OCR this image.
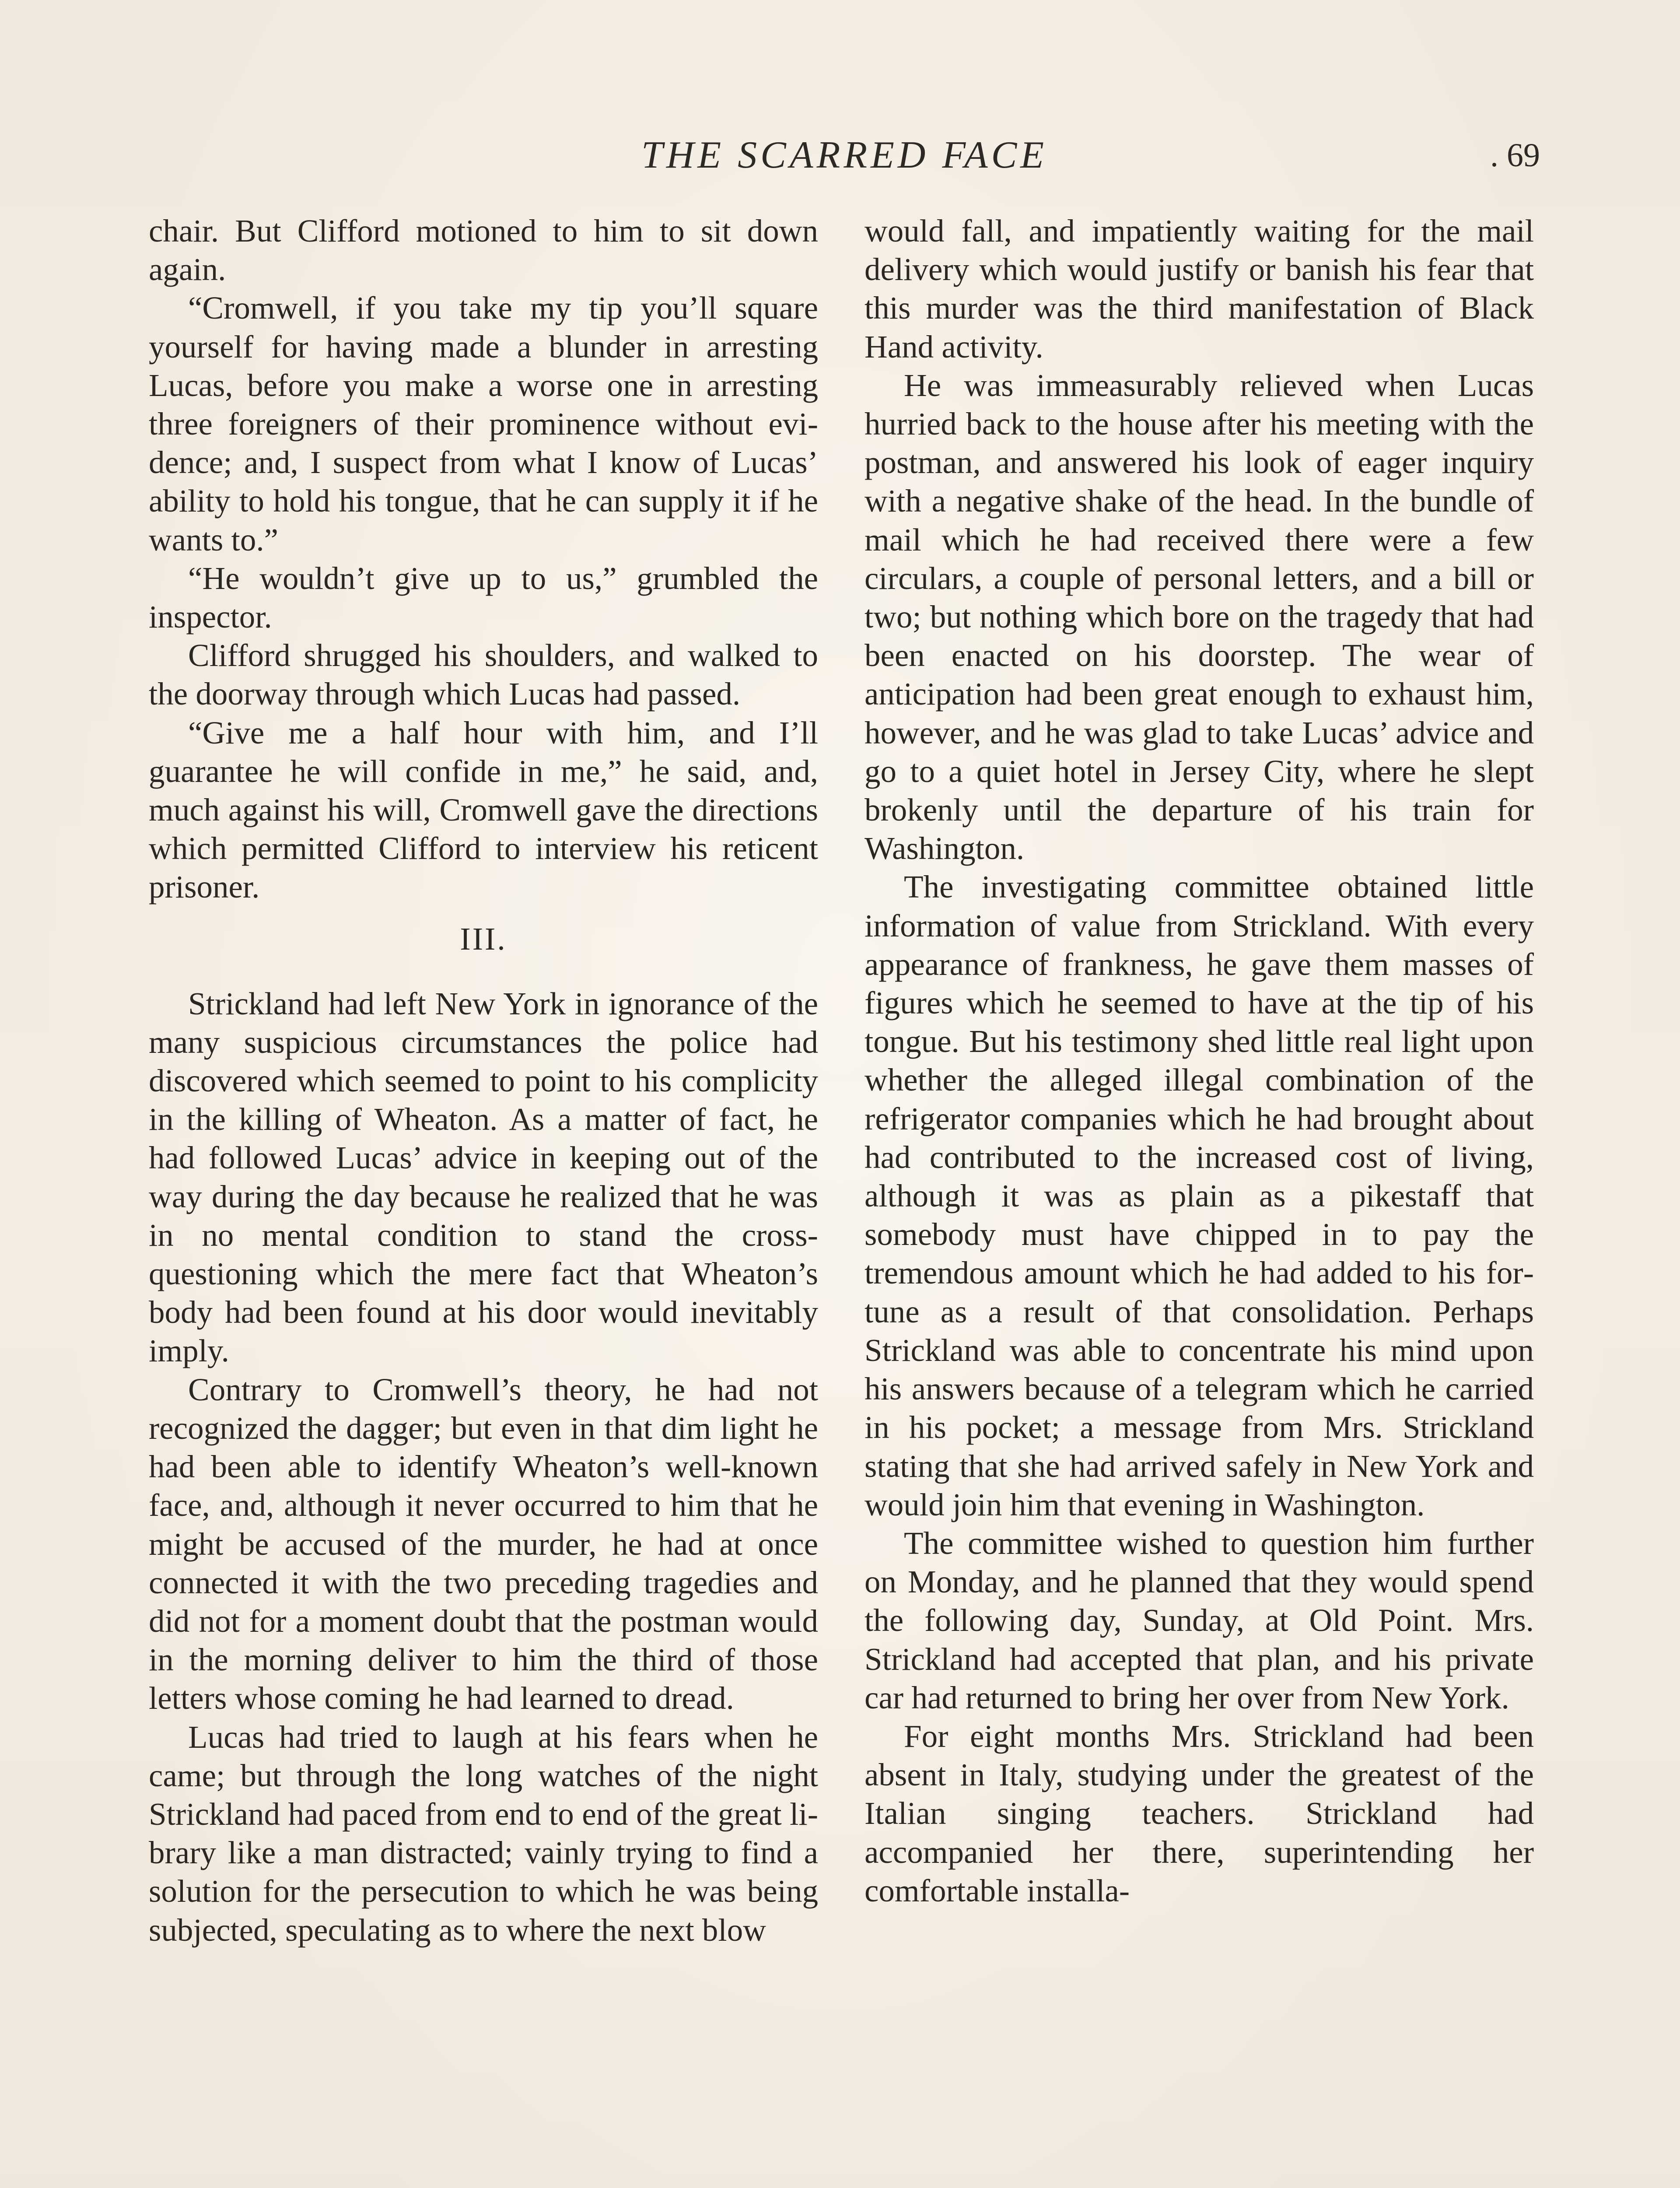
THE SCARRED FACE	. 69

chair. But Clifford motioned to him to sit down again.

“Cromwell, if you take my tip you’ll square yourself for having made a blunder in arresting Lucas, before you make a worse one in arresting three foreigners of their prominence without evidence; and, I suspect from what I know of Lucas’ ability to hold his tongue, that he can supply it if he wants to.”

“He wouldn’t give up to us,” grumbled the inspector.

Clifford shrugged his shoulders, and walked to the doorway through which Lucas had passed.

“Give me a half hour with him, and I’ll guarantee he will confide in me,” he said, and, much against his will, Cromwell gave the directions which permitted Clifford to interview his reticent prisoner.

III.

Strickland had left New York in ignorance of the many suspicious circumstances the police had discovered which seemed to point to his complicity in the killing of Wheaton. As a matter of fact, he had followed Lucas’ advice in keeping out of the way during the day because he realized that he was in no mental condition to stand the cross-questioning which the mere fact that Wheaton’s body had been found at his door would inevitably imply.

Contrary to Cromwell’s theory, he had not recognized the dagger; but even in that dim light he had been able to identify Wheaton’s well-known face, and, although it never occurred to him that he might be accused of the murder, he had at once connected it with the two preceding tragedies and did not for a moment doubt that the postman would in the morning deliver to him the third of those letters whose coming he had learned to dread.

Lucas had tried to laugh at his fears when he came; but through the long watches of the night Strickland had paced from end to end of the great library like a man distracted; vainly trying to find a solution for the persecution to which he was being subjected, speculating as to where the next blow

would fall, and impatiently waiting for the mail delivery which would justify or banish his fear that this murder was the third manifestation of Black Hand activity.

He was immeasurably relieved when Lucas hurried back to the house after his meeting with the postman, and answered his look of eager inquiry with a negative shake of the head. In the bundle of mail which he had received there were a few circulars, a couple of personal letters, and a bill or two; but nothing which bore on the tragedy that had been enacted on his doorstep. The wear of anticipation had been great enough to exhaust him, however, and he was glad to take Lucas’ advice and go to a quiet hotel in Jersey City, where he slept brokenly until the departure of his train for Washington.

The investigating committee obtained little information of value from Strickland. With every appearance of frankness, he gave them masses of figures which he seemed to have at the tip of his tongue. But his testimony shed little real light upon whether the alleged illegal combination of the refrigerator companies which he had brought about had contributed to the increased cost of living, although it was as plain as a pikestaff that somebody must have chipped in to pay the tremendous amount which he had added to his fortune as a result of that consolidation. Perhaps Strickland was able to concentrate his mind upon his answers because of a telegram which he carried in his pocket; a message from Mrs. Strickland stating that she had arrived safely in New York and would join him that evening in Washington.

The committee wished to question him further on Monday, and he planned that they would spend the following day, Sunday, at Old Point. Mrs. Strickland had accepted that plan, and his private car had returned to bring her over from New York.

For eight months Mrs. Strickland had been absent in Italy, studying under the greatest of the Italian singing teachers. Strickland had accompanied her there, superintending her comfortable installa-
